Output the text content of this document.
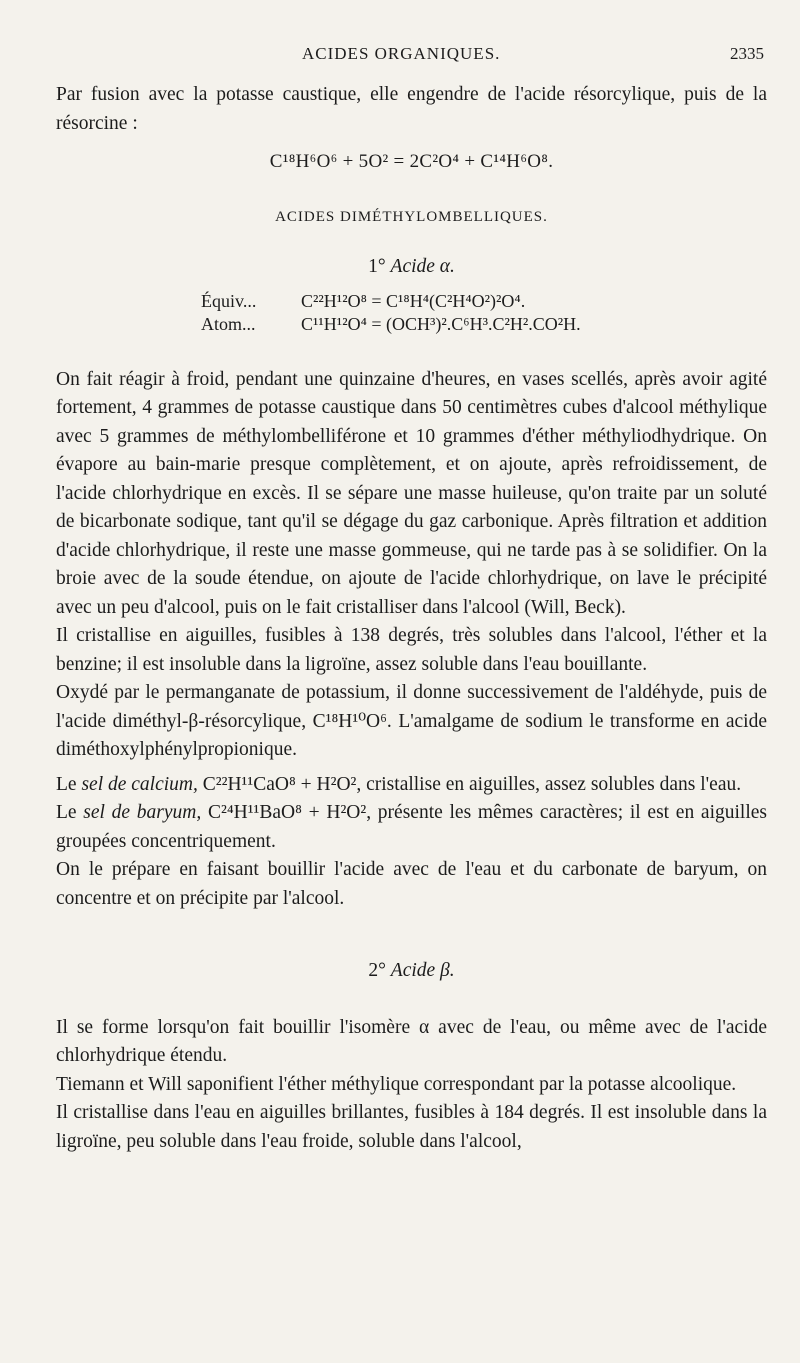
ACIDES ORGANIQUES.	2335

Par fusion avec la potasse caustique, elle engendre de l'acide résorcylique, puis de la résorcine :

C¹⁸H⁶O⁶ + 5O² = 2C²O⁴ + C¹⁴H⁶O⁸.
ACIDES DIMÉTHYLOMBELLIQUES.
1° Acide α.
Équiv...	C²²H¹²O⁸ = C¹⁸H⁴(C²H⁴O²)²O⁴.
Atom...	C¹¹H¹²O⁴ = (OCH³)².C⁶H³.C²H².CO²H.

On fait réagir à froid, pendant une quinzaine d'heures, en vases scellés, après avoir agité fortement, 4 grammes de potasse caustique dans 50 centimètres cubes d'alcool méthylique avec 5 grammes de méthylombelliférone et 10 grammes d'éther méthyliodhydrique. On évapore au bain-marie presque complètement, et on ajoute, après refroidissement, de l'acide chlorhydrique en excès. Il se sépare une masse huileuse, qu'on traite par un soluté de bicarbonate sodique, tant qu'il se dégage du gaz carbonique. Après filtration et addition d'acide chlorhydrique, il reste une masse gommeuse, qui ne tarde pas à se solidifier. On la broie avec de la soude étendue, on ajoute de l'acide chlorhydrique, on lave le précipité avec un peu d'alcool, puis on le fait cristalliser dans l'alcool (Will, Beck).

Il cristallise en aiguilles, fusibles à 138 degrés, très solubles dans l'alcool, l'éther et la benzine; il est insoluble dans la ligroïne, assez soluble dans l'eau bouillante.

Oxydé par le permanganate de potassium, il donne successivement de l'aldéhyde, puis de l'acide diméthyl-β-résorcylique, C¹⁸H¹⁰O⁶. L'amalgame de sodium le transforme en acide diméthoxylphénylpropionique.

Le sel de calcium, C²²H¹¹CaO⁸ + H²O², cristallise en aiguilles, assez solubles dans l'eau.

Le sel de baryum, C²⁴H¹¹BaO⁸ + H²O², présente les mêmes caractères; il est en aiguilles groupées concentriquement.

On le prépare en faisant bouillir l'acide avec de l'eau et du carbonate de baryum, on concentre et on précipite par l'alcool.

2° Acide β.

Il se forme lorsqu'on fait bouillir l'isomère α avec de l'eau, ou même avec de l'acide chlorhydrique étendu.

Tiemann et Will saponifient l'éther méthylique correspondant par la potasse alcoolique.

Il cristallise dans l'eau en aiguilles brillantes, fusibles à 184 degrés. Il est insoluble dans la ligroïne, peu soluble dans l'eau froide, soluble dans l'alcool,
